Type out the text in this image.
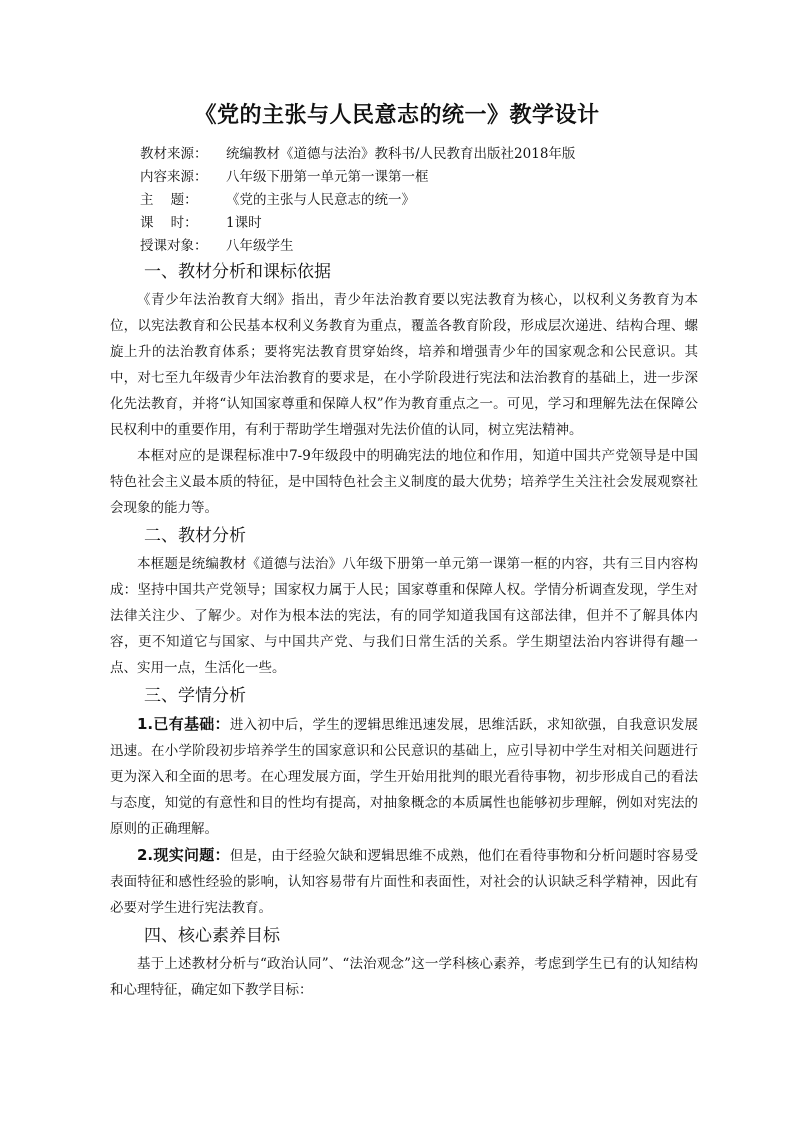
《党的主张与人民意志的统一》教学设计
教材来源： 统编教材《道德与法治》教科书/人民教育出版社2018年版
内容来源： 八年级下册第一单元第一课第一框
主    题： 《党的主张与人民意志的统一》
课    时： 1课时
授课对象： 八年级学生
一、教材分析和课标依据

《青少年法治教育大纲》指出，青少年法治教育要以宪法教育为核心，以权利义务教育为本位，以宪法教育和公民基本权利义务教育为重点，覆盖各教育阶段，形成层次递进、结构合理、螺旋上升的法治教育体系；要将宪法教育贯穿始终，培养和增强青少年的国家观念和公民意识。其中，对七至九年级青少年法治教育的要求是，在小学阶段进行宪法和法治教育的基础上，进一步深化先法教育，并将“认知国家尊重和保障人权”作为教育重点之一。可见，学习和理解先法在保障公民权利中的重要作用，有利于帮助学生增强对先法价值的认同，树立宪法精神。

本框对应的是课程标准中7-9年级段中的明确宪法的地位和作用，知道中国共产党领导是中国特色社会主义最本质的特征，是中国特色社会主义制度的最大优势；培养学生关注社会发展观察社会现象的能力等。

二、教材分析

本框题是统编教材《道德与法治》八年级下册第一单元第一课第一框的内容，共有三目内容构成：坚持中国共产党领导；国家权力属于人民；国家尊重和保障人权。学情分析调查发现，学生对法律关注少、了解少。对作为根本法的宪法，有的同学知道我国有这部法律，但并不了解具体内容，更不知道它与国家、与中国共产党、与我们日常生活的关系。学生期望法治内容讲得有趣一点、实用一点，生活化一些。

三、学情分析

1.已有基础：进入初中后，学生的逻辑思维迅速发展，思维活跃，求知欲强，自我意识发展迅速。在小学阶段初步培养学生的国家意识和公民意识的基础上，应引导初中学生对相关问题进行更为深入和全面的思考。在心理发展方面，学生开始用批判的眼光看待事物，初步形成自己的看法与态度，知觉的有意性和目的性均有提高，对抽象概念的本质属性也能够初步理解，例如对宪法的原则的正确理解。

2.现实问题：但是，由于经验欠缺和逻辑思维不成熟，他们在看待事物和分析问题时容易受表面特征和感性经验的影响，认知容易带有片面性和表面性，对社会的认识缺乏科学精神，因此有必要对学生进行宪法教育。

四、核心素养目标

基于上述教材分析与“政治认同”、“法治观念”这一学科核心素养，考虑到学生已有的认知结构和心理特征，确定如下教学目标：
